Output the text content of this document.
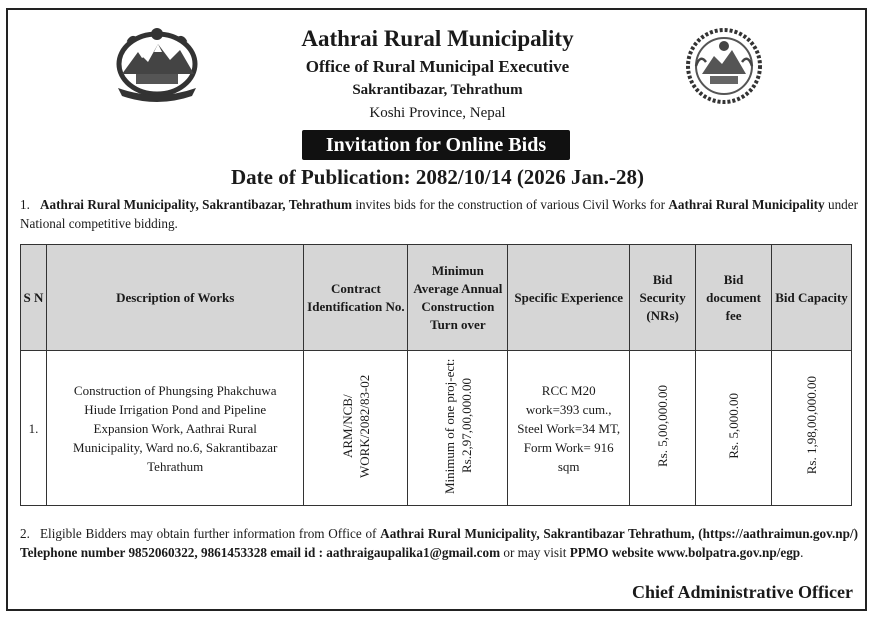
Aathrai Rural Municipality
Office of Rural Municipal Executive
Sakrantibazar, Tehrathum
Koshi Province, Nepal
Invitation for Online Bids
Date of Publication: 2082/10/14 (2026 Jan.-28)
1. Aathrai Rural Municipality, Sakrantibazar, Tehrathum invites bids for the construction of various Civil Works for Aathrai Rural Municipality under National competitive bidding.
S N	Description of Works	Contract Identification No.	Minimun Average Annual Construction Turn over	Specific Experience	Bid Security (NRs)	Bid document fee	Bid Capacity
1.	Construction of Phungsing Phakchuwa Hiude Irrigation Pond and Pipeline Expansion Work, Aathrai Rural Municipality, Ward no.6, Sakrantibazar Tehrathum	ARM/NCB/ WORK/2082/83-02	Minimum of one proj-ect: Rs.2,97,00,000.00	RCC M20 work=393 cum., Steel Work=34 MT, Form Work= 916 sqm	Rs. 5,00,000.00	Rs. 5,000.00	Rs. 1,98,00,000.00
2. Eligible Bidders may obtain further information from Office of Aathrai Rural Municipality, Sakrantibazar Tehrathum, (https://aathraimun.gov.np/) Telephone number 9852060322, 9861453328 email id : aathraigaupalika1@gmail.com or may visit PPMO website www.bolpatra.gov.np/egp.
Chief Administrative Officer
